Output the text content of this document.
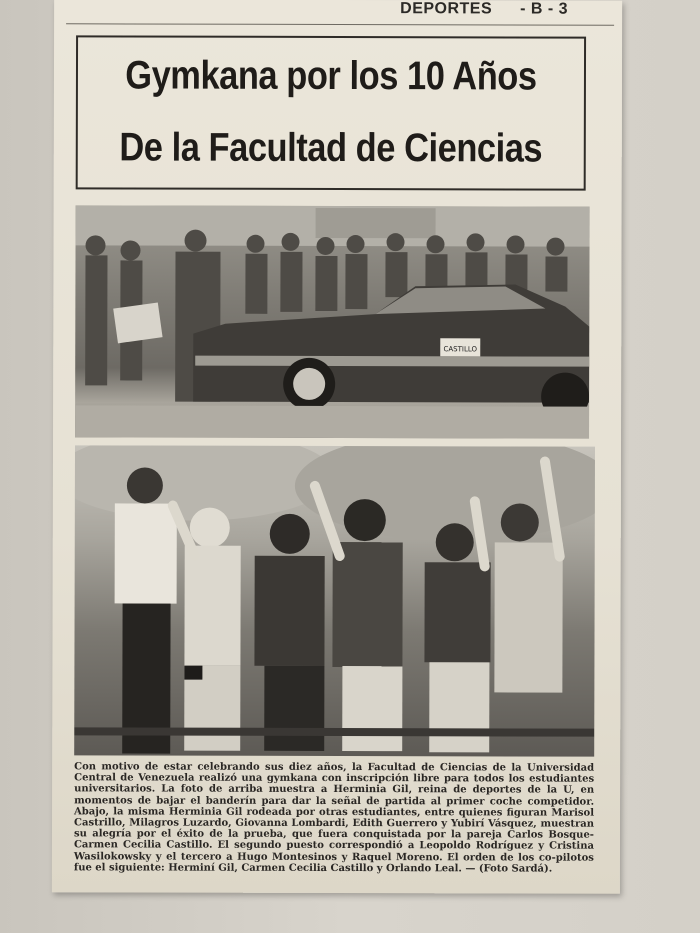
DEPORTES - B - 3
Gymkana por los 10 Años
De la Facultad de Ciencias
CASTILLO
Con motivo de estar celebrando sus diez años, la Facultad de Ciencias de la Universidad Central de Venezuela realizó una gymkana con inscripción libre para todos los estudiantes universitarios. La foto de arriba muestra a Herminia Gil, reina de deportes de la U, en momentos de bajar el banderín para dar la señal de partida al primer coche competidor. Abajo, la misma Herminia Gil rodeada por otras estudiantes, entre quienes figuran Marisol Castrillo, Milagros Luzardo, Giovanna Lombardi, Edith Guerrero y Yubirí Vásquez, muestran su alegría por el éxito de la prueba, que fuera conquistada por la pareja Carlos Bosque-Carmen Cecilia Castillo. El segundo puesto correspondió a Leopoldo Rodríguez y Cristina Wasilokowsky y el tercero a Hugo Montesinos y Raquel Moreno. El orden de los co-pilotos fue el siguiente: Herminí Gil, Carmen Cecilia Castillo y Orlando Leal. — (Foto Sardá).
